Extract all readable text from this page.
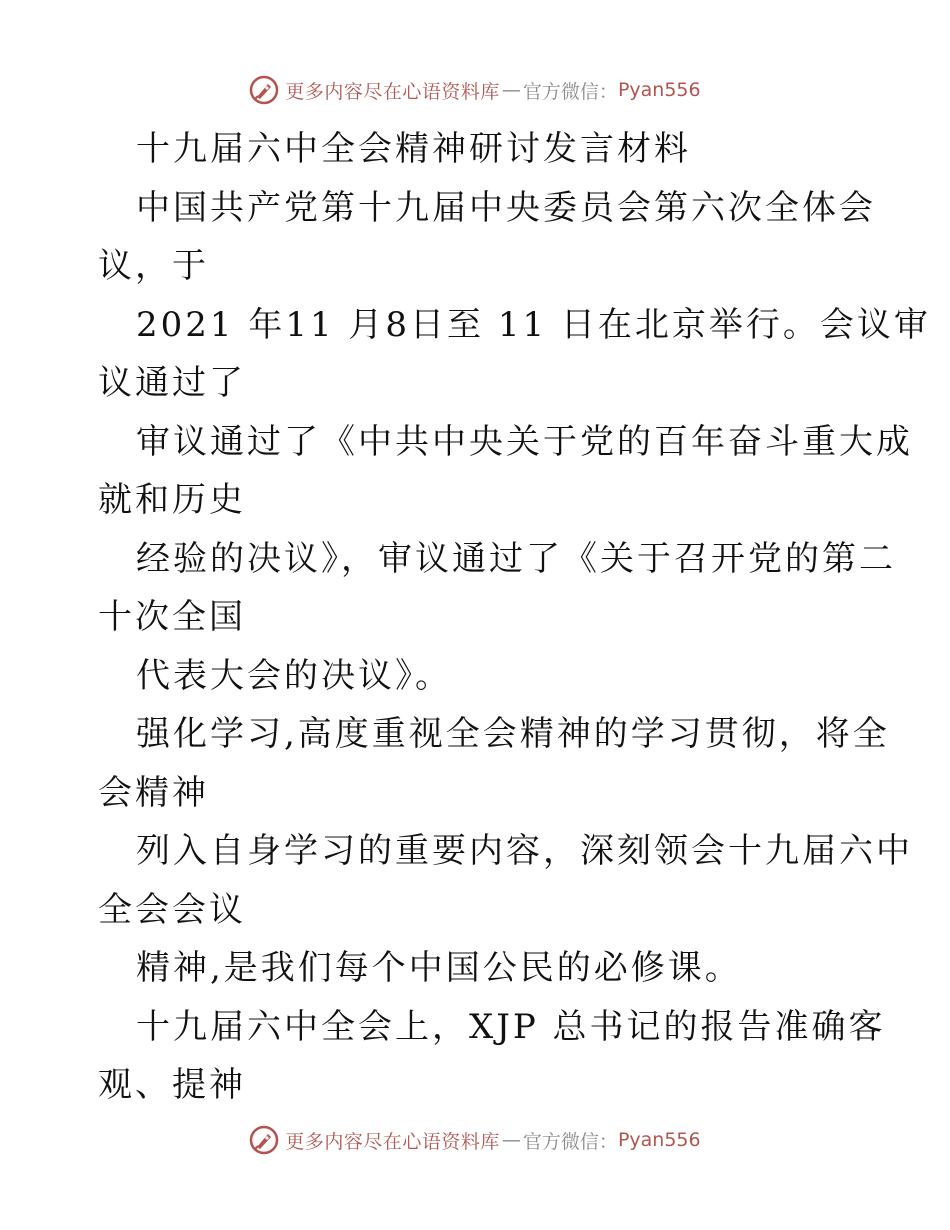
更多内容尽在心语资料库 — 官方微信： Pyan556
十九届六中全会精神研讨发言材料
中国共产党第十九届中央委员会第六次全体会
议，于
2021 年11 月8日至 11 日在北京举行。会议审
议通过了
审议通过了《中共中央关于党的百年奋斗重大成
就和历史
经验的决议》，审议通过了《关于召开党的第二
十次全国
代表大会的决议》。
强化学习,高度重视全会精神的学习贯彻，将全
会精神
列入自身学习的重要内容，深刻领会十九届六中
全会会议
精神,是我们每个中国公民的必修课。
十九届六中全会上，XJP 总书记的报告准确客
观、提神
更多内容尽在心语资料库 — 官方微信： Pyan556
